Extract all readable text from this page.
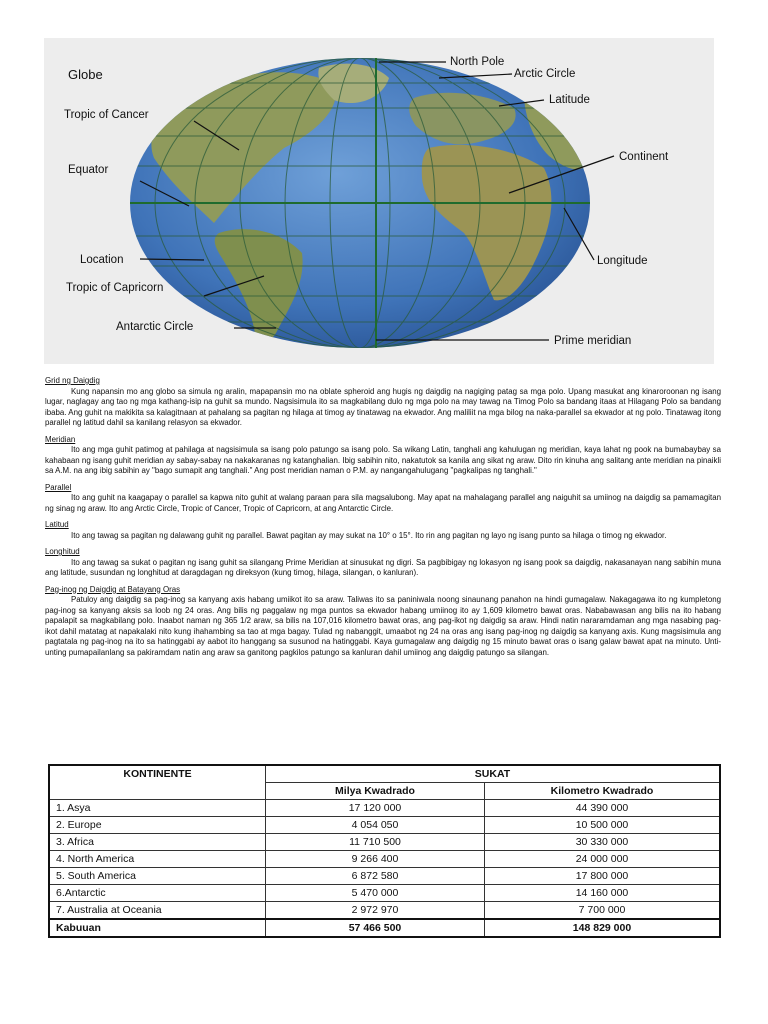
Globe
North Pole
Arctic Circle
Latitude
Continent
Longitude
Prime meridian
Tropic of Cancer
Equator
Location
Tropic of Capricorn
Antarctic Circle
Grid ng Daigdig

Kung napansin mo ang globo sa simula ng aralin, mapapansin mo na oblate spheroid ang hugis ng daigdig na nagiging patag sa mga polo. Upang masukat ang kinaroroonan ng isang lugar, naglagay ang tao ng mga kathang-isip na guhit sa mundo. Nagsisimula ito sa magkabilang dulo ng mga polo na may tawag na Timog Polo sa bandang itaas at Hilagang Polo sa bandang ibaba. Ang guhit na makikita sa kalagitnaan at pahalang sa pagitan ng hilaga at timog ay tinatawag na ekwador. Ang maliliit na mga bilog na naka-parallel sa ekwador at ng polo. Tinatawag itong parallel ng latitud dahil sa kanilang relasyon sa ekwador.

Meridian

Ito ang mga guhit patimog at pahilaga at nagsisimula sa isang polo patungo sa isang polo. Sa wikang Latin, tanghali ang kahulugan ng meridian, kaya lahat ng pook na bumabaybay sa kahabaan ng isang guhit meridian ay sabay-sabay na nakakaranas ng katanghalian. Ibig sabihin nito, nakatutok sa kanila ang sikat ng araw. Dito rin kinuha ang salitang ante meridian na pinaikli sa A.M. na ang ibig sabihin ay "bago sumapit ang tanghali." Ang post meridian naman o P.M. ay nangangahulugang "pagkalipas ng tanghali."

Parallel

Ito ang guhit na kaagapay o parallel sa kapwa nito guhit at walang paraan para sila magsalubong. May apat na mahalagang parallel ang naiguhit sa umiinog na daigdig sa pamamagitan ng sinag ng araw. Ito ang Arctic Circle, Tropic of Cancer, Tropic of Capricorn, at ang Antarctic Circle.

Latitud

Ito ang tawag sa pagitan ng dalawang guhit ng parallel. Bawat pagitan ay may sukat na 10° o 15°. Ito rin ang pagitan ng layo ng isang punto sa hilaga o timog ng ekwador.

Longhitud

Ito ang tawag sa sukat o pagitan ng isang guhit sa silangang Prime Meridian at sinusukat ng digri. Sa pagbibigay ng lokasyon ng isang pook sa daigdig, nakasanayan nang sabihin muna ang latitude, susundan ng longhitud at daragdagan ng direksyon (kung timog, hilaga, silangan, o kanluran).

Pag-inog ng Daigdig at Batayang Oras

Patuloy ang daigdig sa pag-inog sa kanyang axis habang umiikot ito sa araw. Taliwas ito sa paniniwala noong sinaunang panahon na hindi gumagalaw. Nakagagawa ito ng kumpletong pag-inog sa kanyang aksis sa loob ng 24 oras. Ang bilis ng paggalaw ng mga puntos sa ekwador habang umiinog ito ay 1,609 kilometro bawat oras. Nababawasan ang bilis na ito habang papalapit sa magkabilang polo. Inaabot naman ng 365 1/2 araw, sa bilis na 107,016 kilometro bawat oras, ang pag-ikot ng daigdig sa araw. Hindi natin nararamdaman ang mga nasabing pag-ikot dahil matatag at napakalaki nito kung ihahambing sa tao at mga bagay. Tulad ng nabanggit, umaabot ng 24 na oras ang isang pag-inog ng daigdig sa kanyang axis. Kung magsisimula ang pagtatala ng pag-inog na ito sa hatinggabi ay aabot ito hanggang sa susunod na hatinggabi. Kaya gumagalaw ang daigdig ng 15 minuto bawat oras o isang galaw bawat apat na minuto. Unti-unting pumapailanlang sa pakiramdam natin ang araw sa ganitong pagkilos patungo sa kanluran dahil umiinog ang daigdig patungo sa silangan.

KONTINENTE	SUKAT	
	Milya Kwadrado	Kilometro Kwadrado
1. Asya	17 120 000	44 390 000
2. Europe	4 054 050	10 500 000
3. Africa	11 710 500	30 330 000
4. North America	9 266 400	24 000 000
5. South America	6 872 580	17 800 000
6.Antarctic	5 470 000	14 160 000
7. Australia at Oceania	2 972 970	7 700 000
Kabuuan	57 466 500	148 829 000
